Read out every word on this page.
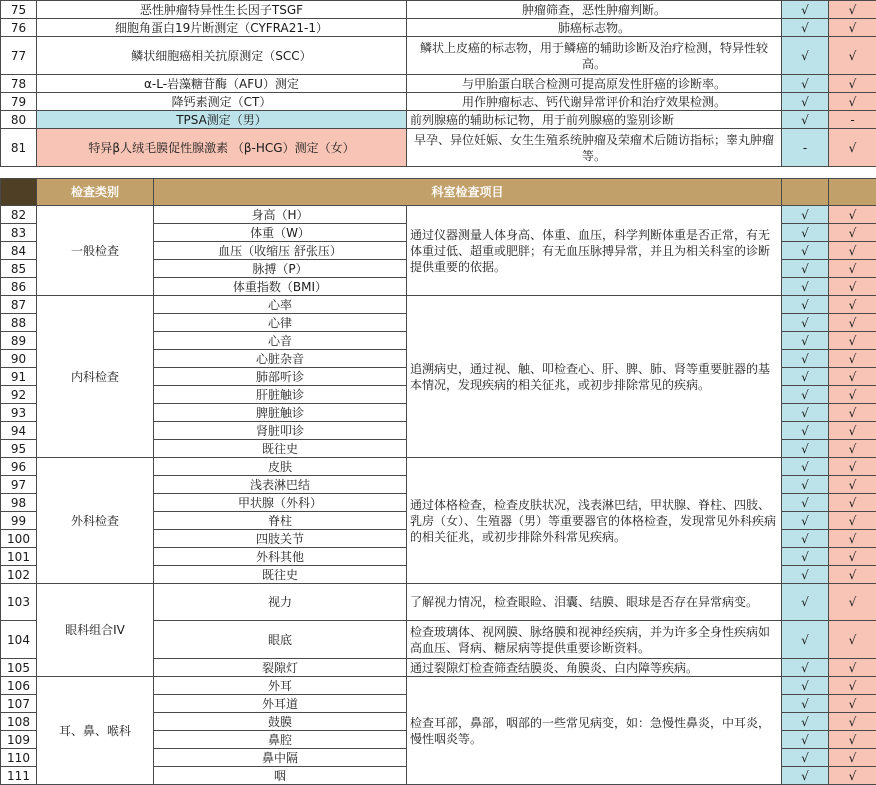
75	恶性肿瘤特异性生长因子TSGF		肿瘤筛查，恶性肿瘤判断。	√	√
76	细胞角蛋白19片断测定（CYFRA21-1）		肺癌标志物。	√	√
77	鳞状细胞癌相关抗原测定（SCC）		鳞状上皮癌的标志物，用于鳞癌的辅助诊断及治疗检测，特异性较高。	√	√
78	α-L-岩藻糖苷酶（AFU）测定		与甲胎蛋白联合检测可提高原发性肝癌的诊断率。	√	√
79	降钙素测定（CT）		用作肿瘤标志、钙代谢异常评价和治疗效果检测。	√	√
80	TPSA测定（男）		前列腺癌的辅助标记物，用于前列腺癌的鉴别诊断	√	-
81	特异β人绒毛膜促性腺激素 （β-HCG）测定（女）		早孕、异位妊娠、女生生殖系统肿瘤及荣瘤术后随访指标；睾丸肿瘤等。	-	√

	检查类别	科室检查项目			
82	一般检查	身高（H）	通过仪器测量人体身高、体重、血压，科学判断体重是否正常，有无体重过低、超重或肥胖；有无血压脉搏异常，并且为相关科室的诊断提供重要的依据。	√	√
83		体重（W）		√	√
84		血压（收缩压 舒张压）		√	√
85		脉搏（P）		√	√
86		体重指数（BMI）		√	√
87	内科检查	心率	追溯病史，通过视、触、叩检查心、肝、脾、肺、肾等重要脏器的基本情况，发现疾病的相关征兆，或初步排除常见的疾病。	√	√
88		心律		√	√
89		心音		√	√
90		心脏杂音		√	√
91		肺部听诊		√	√
92		肝脏触诊		√	√
93		脾脏触诊		√	√
94		肾脏叩诊		√	√
95		既往史		√	√
96	外科检查	皮肤	通过体格检查，检查皮肤状况，浅表淋巴结，甲状腺、脊柱、四肢、乳房（女）、生殖器（男）等重要器官的体格检查，发现常见外科疾病的相关征兆，或初步排除外科常见疾病。	√	√
97		浅表淋巴结		√	√
98		甲状腺（外科）		√	√
99		脊柱		√	√
100		四肢关节		√	√
101		外科其他		√	√
102		既往史		√	√
103	眼科组合IV	视力	了解视力情况，检查眼睑、泪囊、结膜、眼球是否存在异常病变。	√	√
104		眼底	检查玻璃体、视网膜、脉络膜和视神经疾病，并为许多全身性疾病如高血压、肾病、糖尿病等提供重要诊断资料。	√	√
105		裂隙灯	通过裂隙灯检查筛查结膜炎、角膜炎、白内障等疾病。	√	√
106	耳、鼻、喉科	外耳	检查耳部，鼻部，咽部的一些常见病变，如：急慢性鼻炎，中耳炎，慢性咽炎等。	√	√
107		外耳道		√	√
108		鼓膜		√	√
109		鼻腔		√	√
110		鼻中隔		√	√
111		咽		√	√
